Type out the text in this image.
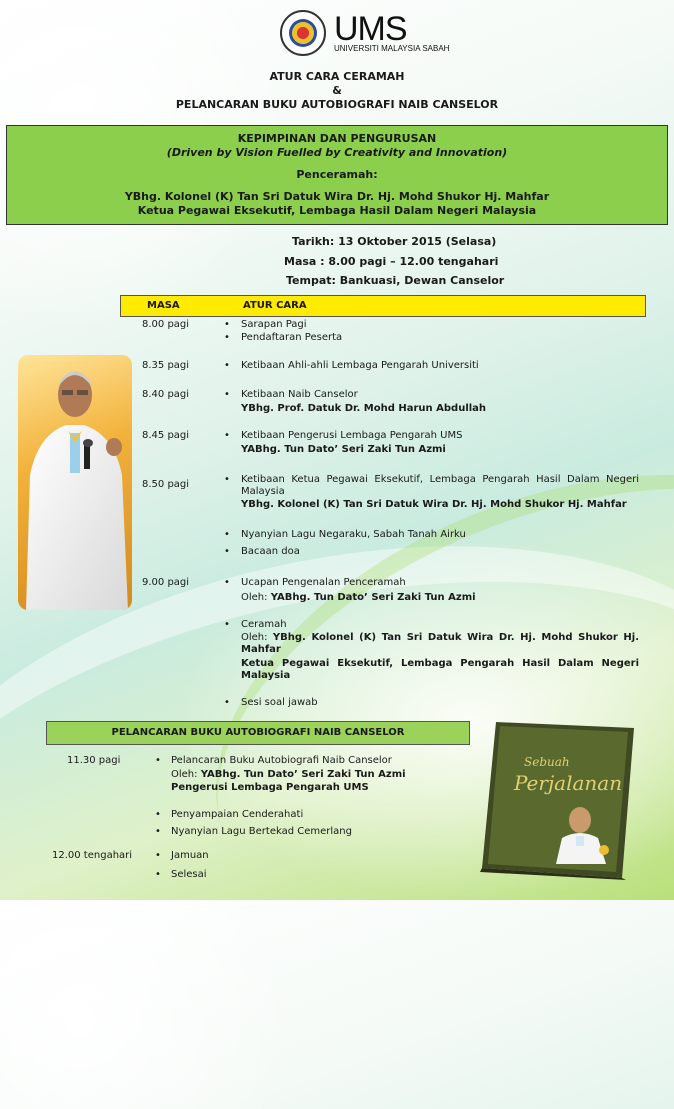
UMS
UNIVERSITI MALAYSIA SABAH
ATUR CARA CERAMAH
&
PELANCARAN BUKU AUTOBIOGRAFI NAIB CANSELOR
KEPIMPINAN DAN PENGURUSAN
(Driven by Vision Fuelled by Creativity and Innovation)
Penceramah:
YBhg. Kolonel (K) Tan Sri Datuk Wira Dr. Hj. Mohd Shukor Hj. Mahfar
Ketua Pegawai Eksekutif, Lembaga Hasil Dalam Negeri Malaysia
Tarikh: 13 Oktober 2015 (Selasa)
Masa : 8.00 pagi – 12.00 tengahari
Tempat: Bankuasi, Dewan Canselor
MASA	ATUR CARA
8.00 pagi	• Sarapan Pagi
• Pendaftaran Peserta
8.35 pagi	• Ketibaan Ahli-ahli Lembaga Pengarah Universiti
8.40 pagi	• Ketibaan Naib Canselor
YBhg. Prof. Datuk Dr. Mohd Harun Abdullah
8.45 pagi	• Ketibaan Pengerusi Lembaga Pengarah UMS
YABhg. Tun Dato’ Seri Zaki Tun Azmi
8.50 pagi	• Ketibaan Ketua Pegawai Eksekutif, Lembaga Pengarah Hasil Dalam Negeri Malaysia
YBhg. Kolonel (K) Tan Sri Datuk Wira Dr. Hj. Mohd Shukor Hj. Mahfar
• Nyanyian Lagu Negaraku, Sabah Tanah Airku
• Bacaan doa
9.00 pagi	• Ucapan Pengenalan Penceramah
Oleh: YABhg. Tun Dato’ Seri Zaki Tun Azmi
• Ceramah
Oleh: YBhg. Kolonel (K) Tan Sri Datuk Wira Dr. Hj. Mohd Shukor Hj. Mahfar
Ketua Pegawai Eksekutif, Lembaga Pengarah Hasil Dalam Negeri Malaysia
• Sesi soal jawab
PELANCARAN BUKU AUTOBIOGRAFI NAIB CANSELOR
11.30 pagi	• Pelancaran Buku Autobiografi Naib Canselor
Oleh: YABhg. Tun Dato’ Seri Zaki Tun Azmi
Pengerusi Lembaga Pengarah UMS
• Penyampaian Cenderahati
• Nyanyian Lagu Bertekad Cemerlang
12.00 tengahari • Jamuan
• Selesai
Sebuah
Perjalanan
